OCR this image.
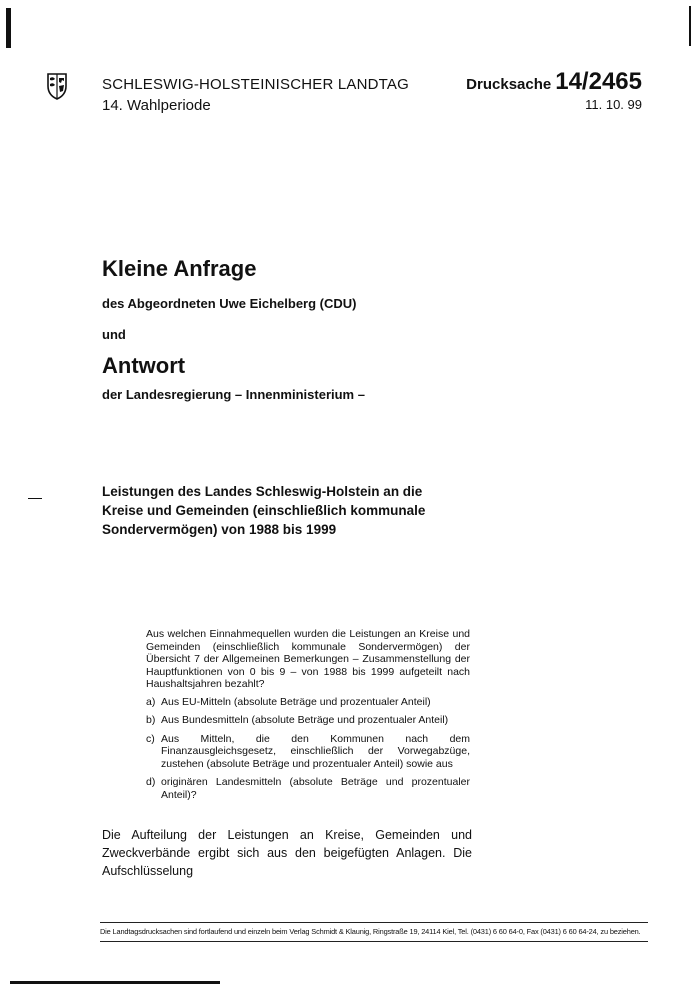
SCHLESWIG-HOLSTEINISCHER LANDTAG
14. Wahlperiode
Drucksache 14/2465
11. 10. 99
Kleine Anfrage
des Abgeordneten Uwe Eichelberg (CDU)
und
Antwort
der Landesregierung – Innenministerium –
Leistungen des Landes Schleswig-Holstein an die Kreise und Gemeinden (einschließlich kommunale Sondervermögen) von 1988 bis 1999

Aus welchen Einnahmequellen wurden die Leistungen an Kreise und Gemeinden (einschließlich kommunale Sondervermögen) der Übersicht 7 der Allgemeinen Bemerkungen – Zusammenstellung der Hauptfunktionen von 0 bis 9 – von 1988 bis 1999 aufgeteilt nach Haushaltsjahren bezahlt?

a) Aus EU-Mitteln (absolute Beträge und prozentualer Anteil)
b) Aus Bundesmitteln (absolute Beträge und prozentualer Anteil)
c) Aus Mitteln, die den Kommunen nach dem Finanzausgleichsgesetz, einschließlich der Vorwegabzüge, zustehen (absolute Beträge und prozentualer Anteil) sowie aus
d) originären Landesmitteln (absolute Beträge und prozentualer Anteil)?
Die Aufteilung der Leistungen an Kreise, Gemeinden und Zweckverbände ergibt sich aus den beigefügten Anlagen. Die Aufschlüsselung
Die Landtagsdrucksachen sind fortlaufend und einzeln beim Verlag Schmidt & Klaunig, Ringstraße 19, 24114 Kiel, Tel. (0431) 6 60 64-0, Fax (0431) 6 60 64-24, zu beziehen.
